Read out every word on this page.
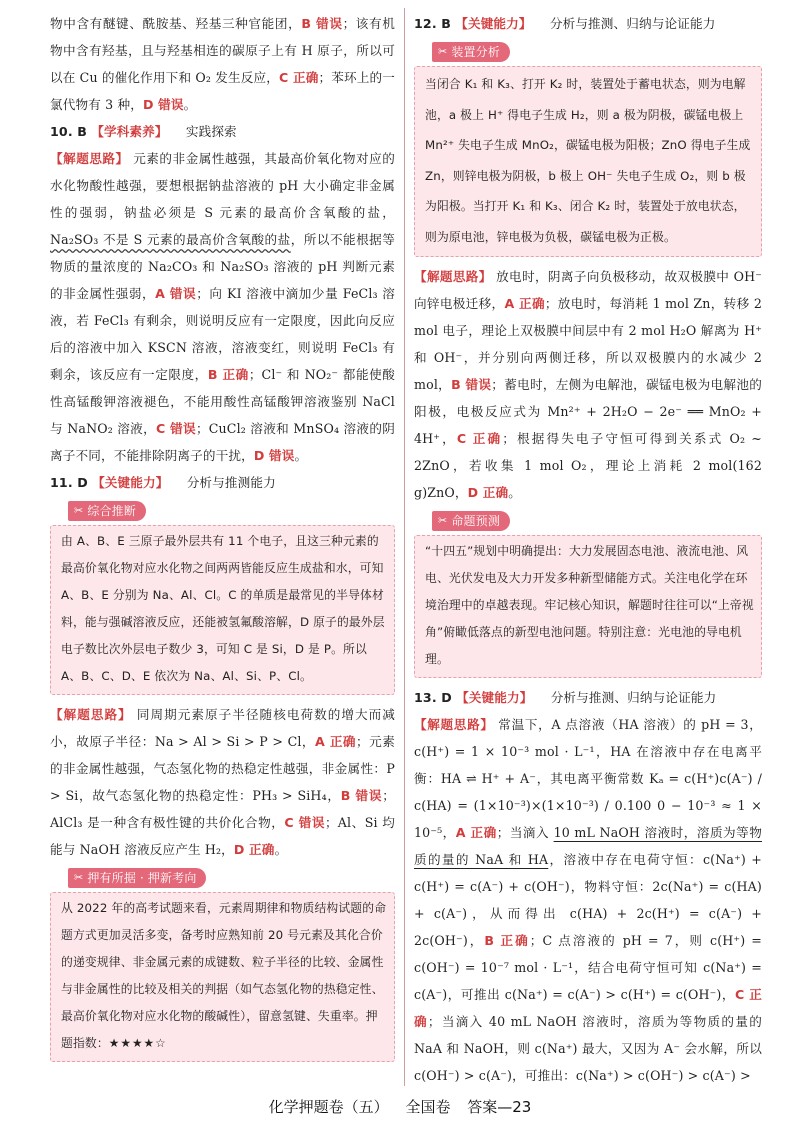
物中含有醚键、酰胺基、羟基三种官能团，B 错误；该有机物中含有羟基，且与羟基相连的碳原子上有 H 原子，所以可以在 Cu 的催化作用下和 O₂ 发生反应，C 正确；苯环上的一氯代物有 3 种，D 错误。

10. B 【学科素养】 实践探索

【解题思路】 元素的非金属性越强，其最高价氧化物对应的水化物酸性越强，要想根据钠盐溶液的 pH 大小确定非金属性的强弱，钠盐必须是 S 元素的最高价含氧酸的盐，Na₂SO₃ 不是 S 元素的最高价含氧酸的盐，所以不能根据等物质的量浓度的 Na₂CO₃ 和 Na₂SO₃ 溶液的 pH 判断元素的非金属性强弱，A 错误；向 KI 溶液中滴加少量 FeCl₃ 溶液，若 FeCl₃ 有剩余，则说明反应有一定限度，因此向反应后的溶液中加入 KSCN 溶液，溶液变红，则说明 FeCl₃ 有剩余，该反应有一定限度，B 正确；Cl⁻ 和 NO₂⁻ 都能使酸性高锰酸钾溶液褪色，不能用酸性高锰酸钾溶液鉴别 NaCl 与 NaNO₂ 溶液，C 错误；CuCl₂ 溶液和 MnSO₄ 溶液的阴离子不同，不能排除阴离子的干扰，D 错误。

11. D 【关键能力】 分析与推测能力
✂ 综合推断
由 A、B、E 三原子最外层共有 11 个电子，且这三种元素的最高价氧化物对应水化物之间两两皆能反应生成盐和水，可知 A、B、E 分别为 Na、Al、Cl。C 的单质是最常见的半导体材料，能与强碱溶液反应，还能被氢氟酸溶解，D 原子的最外层电子数比次外层电子数少 3，可知 C 是 Si，D 是 P。所以 A、B、C、D、E 依次为 Na、Al、Si、P、Cl。

【解题思路】 同周期元素原子半径随核电荷数的增大而减小，故原子半径：Na > Al > Si > P > Cl，A 正确；元素的非金属性越强，气态氢化物的热稳定性越强，非金属性：P > Si，故气态氢化物的热稳定性：PH₃ > SiH₄，B 错误；AlCl₃ 是一种含有极性键的共价化合物，C 错误；Al、Si 均能与 NaOH 溶液反应产生 H₂，D 正确。

✂ 押有所据 · 押新考向
从 2022 年的高考试题来看，元素周期律和物质结构试题的命题方式更加灵活多变，备考时应熟知前 20 号元素及其化合价的递变规律、非金属元素的成键数、粒子半径的比较、金属性与非金属性的比较及相关的判据（如气态氢化物的热稳定性、最高价氧化物对应水化物的酸碱性），留意氢键、失重率。押题指数：★★★★☆
12. B 【关键能力】 分析与推测、归纳与论证能力
✂ 装置分析
当闭合 K₁ 和 K₃、打开 K₂ 时，装置处于蓄电状态，则为电解池，a 极上 H⁺ 得电子生成 H₂，则 a 极为阴极，碳锰电极上 Mn²⁺ 失电子生成 MnO₂，碳锰电极为阳极；ZnO 得电子生成 Zn，则锌电极为阴极，b 极上 OH⁻ 失电子生成 O₂，则 b 极为阳极。当打开 K₁ 和 K₃、闭合 K₂ 时，装置处于放电状态，则为原电池，锌电极为负极，碳锰电极为正极。

【解题思路】 放电时，阴离子向负极移动，故双极膜中 OH⁻ 向锌电极迁移，A 正确；放电时，每消耗 1 mol Zn，转移 2 mol 电子，理论上双极膜中间层中有 2 mol H₂O 解离为 H⁺ 和 OH⁻，并分别向两侧迁移，所以双极膜内的水减少 2 mol，B 错误；蓄电时，左侧为电解池，碳锰电极为电解池的阳极，电极反应式为 Mn²⁺ + 2H₂O − 2e⁻ ══ MnO₂ + 4H⁺，C 正确；根据得失电子守恒可得到关系式 O₂ ~ 2ZnO，若收集 1 mol O₂，理论上消耗 2 mol(162 g)ZnO，D 正确。

✂ 命题预测
“十四五”规划中明确提出：大力发展固态电池、液流电池、风电、光伏发电及大力开发多种新型储能方式。关注电化学在环境治理中的卓越表现。牢记核心知识，解题时往往可以“上帝视角”俯瞰低落点的新型电池问题。特别注意：光电池的导电机理。
13. D 【关键能力】 分析与推测、归纳与论证能力

【解题思路】 常温下，A 点溶液（HA 溶液）的 pH = 3，c(H⁺) = 1 × 10⁻³ mol · L⁻¹，HA 在溶液中存在电离平衡：HA ⇌ H⁺ + A⁻，其电离平衡常数 Kₐ = c(H⁺)c(A⁻) / c(HA) = (1×10⁻³)×(1×10⁻³) / 0.100 0 − 10⁻³ ≈ 1 × 10⁻⁵，A 正确；当滴入 10 mL NaOH 溶液时，溶质为等物质的量的 NaA 和 HA，溶液中存在电荷守恒：c(Na⁺) + c(H⁺) = c(A⁻) + c(OH⁻)，物料守恒：2c(Na⁺) = c(HA) + c(A⁻)，从而得出 c(HA) + 2c(H⁺) = c(A⁻) + 2c(OH⁻)，B 正确；C 点溶液的 pH = 7，则 c(H⁺) = c(OH⁻) = 10⁻⁷ mol · L⁻¹，结合电荷守恒可知 c(Na⁺) = c(A⁻)，可推出 c(Na⁺) = c(A⁻) > c(H⁺) = c(OH⁻)，C 正确；当滴入 40 mL NaOH 溶液时，溶质为等物质的量的 NaA 和 NaOH，则 c(Na⁺) 最大，又因为 A⁻ 会水解，所以 c(OH⁻) > c(A⁻)，可推出：c(Na⁺) > c(OH⁻) > c(A⁻) >

化学押题卷（五） 全国卷 答案—23
